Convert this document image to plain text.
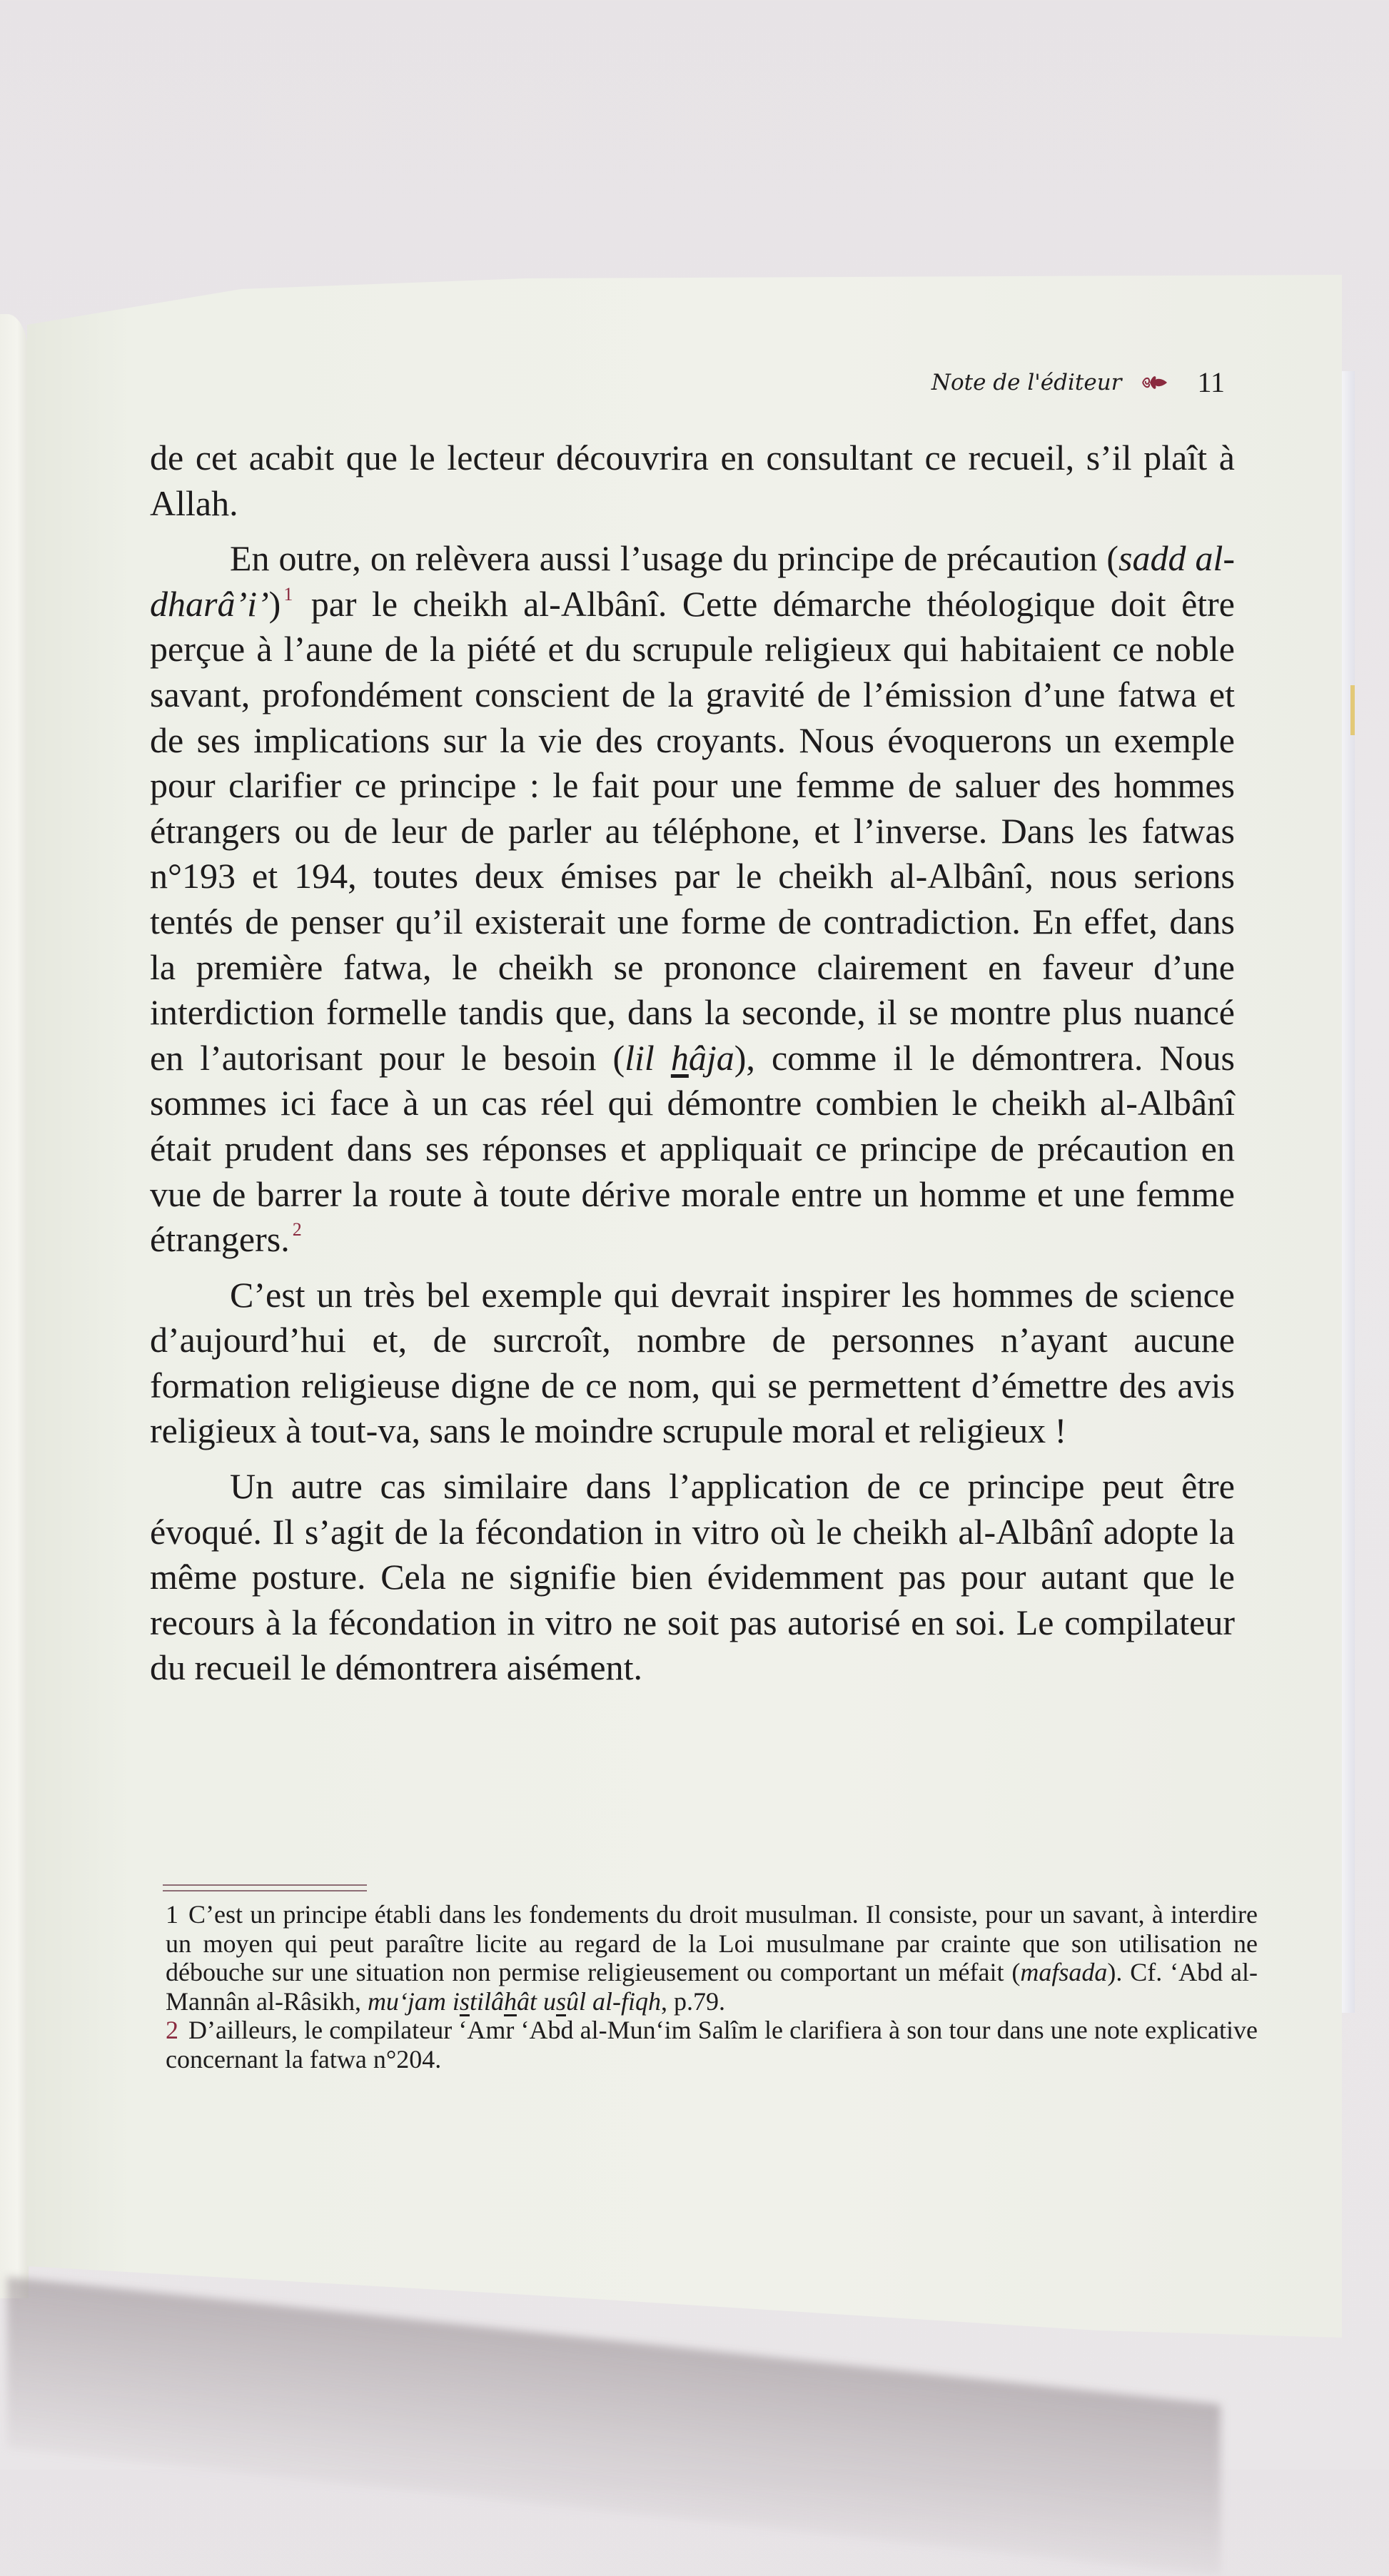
Note de l'éditeur	11

de cet acabit que le lecteur découvrira en consultant ce recueil, s’il plaît à Allah.

En outre, on relèvera aussi l’usage du principe de précaution (sadd al-dharâ’i’) $^1$ par le cheikh al-Albânî. Cette démarche théologique doit être perçue à l’aune de la piété et du scrupule religieux qui habitaient ce noble savant, profondément conscient de la gravité de l’émission d’une fatwa et de ses implications sur la vie des croyants. Nous évoquerons un exemple pour clarifier ce principe : le fait pour une femme de saluer des hommes étrangers ou de leur de parler au téléphone, et l’inverse. Dans les fatwas n°193 et 194, toutes deux émises par le cheikh al-Albânî, nous serions tentés de penser qu’il existerait une forme de contradiction. En effet, dans la première fatwa, le cheikh se prononce clairement en faveur d’une interdiction formelle tandis que, dans la seconde, il se montre plus nuancé en l’autorisant pour le besoin (lil hâja), comme il le démontrera. Nous sommes ici face à un cas réel qui démontre combien le cheikh al-Albânî était prudent dans ses réponses et appliquait ce principe de précaution en vue de barrer la route à toute dérive morale entre un homme et une femme étrangers. $^2$

C’est un très bel exemple qui devrait inspirer les hommes de science d’aujourd’hui et, de surcroît, nombre de personnes n’ayant aucune formation religieuse digne de ce nom, qui se permettent d’émettre des avis religieux à tout-va, sans le moindre scrupule moral et religieux !

Un autre cas similaire dans l’application de ce principe peut être évoqué. Il s’agit de la fécondation in vitro où le cheikh al-Albânî adopte la même posture. Cela ne signifie bien évidemment pas pour autant que le recours à la fécondation in vitro ne soit pas autorisé en soi. Le compilateur du recueil le démontrera aisément.

1 C’est un principe établi dans les fondements du droit musulman. Il consiste, pour un savant, à interdire un moyen qui peut paraître licite au regard de la Loi musulmane par crainte que son utilisation ne débouche sur une situation non permise religieusement ou comportant un méfait (mafsada). Cf. ‘Abd al-Mannân al-Râsikh, mu‘jam istilâhât usûl al-fiqh, p.79.

2 D’ailleurs, le compilateur ‘Amr ‘Abd al-Mun‘im Salîm le clarifiera à son tour dans une note explicative concernant la fatwa n°204.
